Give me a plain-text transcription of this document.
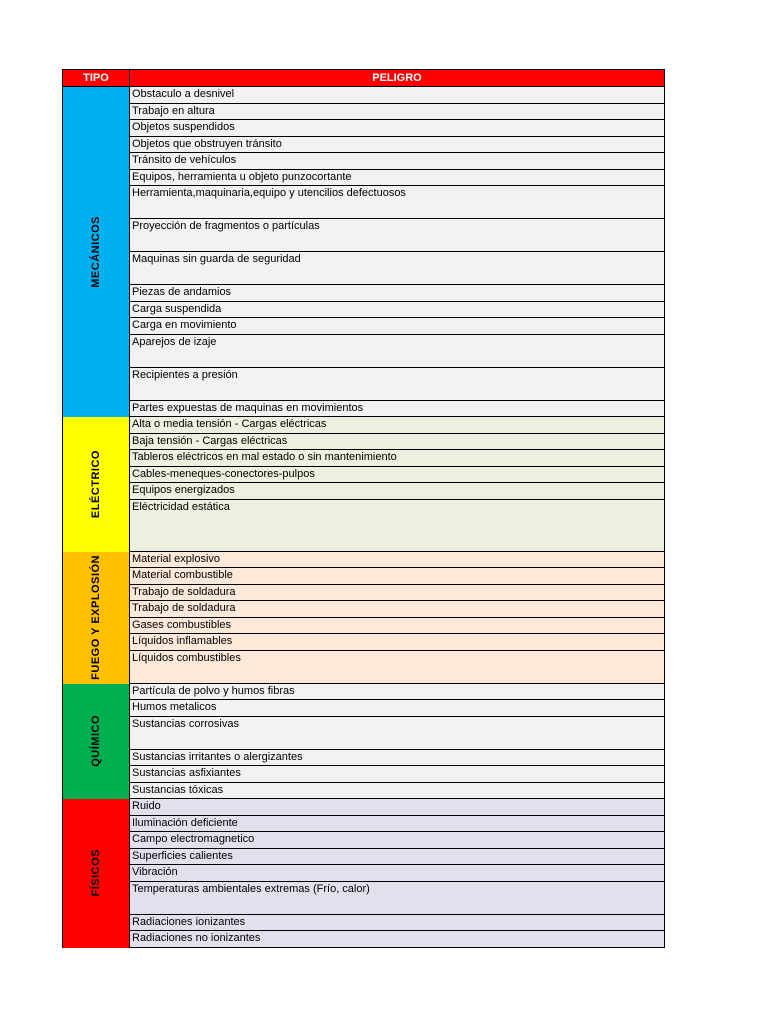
TIPO	PELIGRO
MECÁNICOS
Obstaculo a desnivel
Trabajo en altura
Objetos suspendidos
Objetos que obstruyen tránsito
Tránsito de vehículos
Equipos, herramienta u objeto punzocortante
Herramienta,maquinaria,equipo y utencilios defectuosos
Proyección de fragmentos o partículas
Maquinas sin guarda de seguridad
Piezas de andamios
Carga suspendida
Carga en movimiento
Aparejos de izaje
Recipientes a presión
Partes expuestas de maquinas en movimientos
ELÉCTRICO
Alta o media tensión - Cargas eléctricas
Baja tensión - Cargas eléctricas
Tableros eléctricos en mal estado o sin mantenimiento
Cables-meneques-conectores-pulpos
Equipos energizados
Eléctricidad estática
FUEGO Y EXPLOSIÓN	Material explosivo
Material combustible
Trabajo de soldadura
Trabajo de soldadura
Gases combustibles
Líquidos inflamables
Líquidos combustibles
QUÍMICO
Partícula de polvo y humos fibras
Humos metalicos
Sustancias corrosivas
Sustancias irritantes o alergizantes
Sustancias asfixiantes
Sustancias tóxicas
FÍSICOS
Ruido
Iluminación deficiente
Campo electromagnetico
Superficies calientes
Vibración
Temperaturas ambientales extremas (Frío, calor)
Radiaciones ionizantes
Radiaciones no ionizantes
